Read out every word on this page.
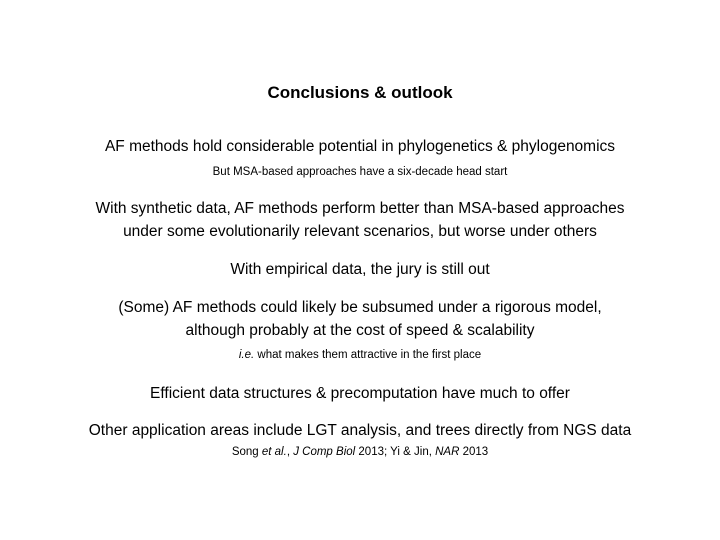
Conclusions & outlook
AF methods hold considerable potential in phylogenetics & phylogenomics
But MSA-based approaches have a six-decade head start
With synthetic data, AF methods perform better than MSA-based approaches
under some evolutionarily relevant scenarios, but worse under others
With empirical data, the jury is still out
(Some) AF methods could likely be subsumed under a rigorous model,
although probably at the cost of speed & scalability
i.e. what makes them attractive in the first place
Efficient data structures & precomputation have much to offer
Other application areas include LGT analysis, and trees directly from NGS data
Song et al., J Comp Biol 2013; Yi & Jin, NAR 2013
